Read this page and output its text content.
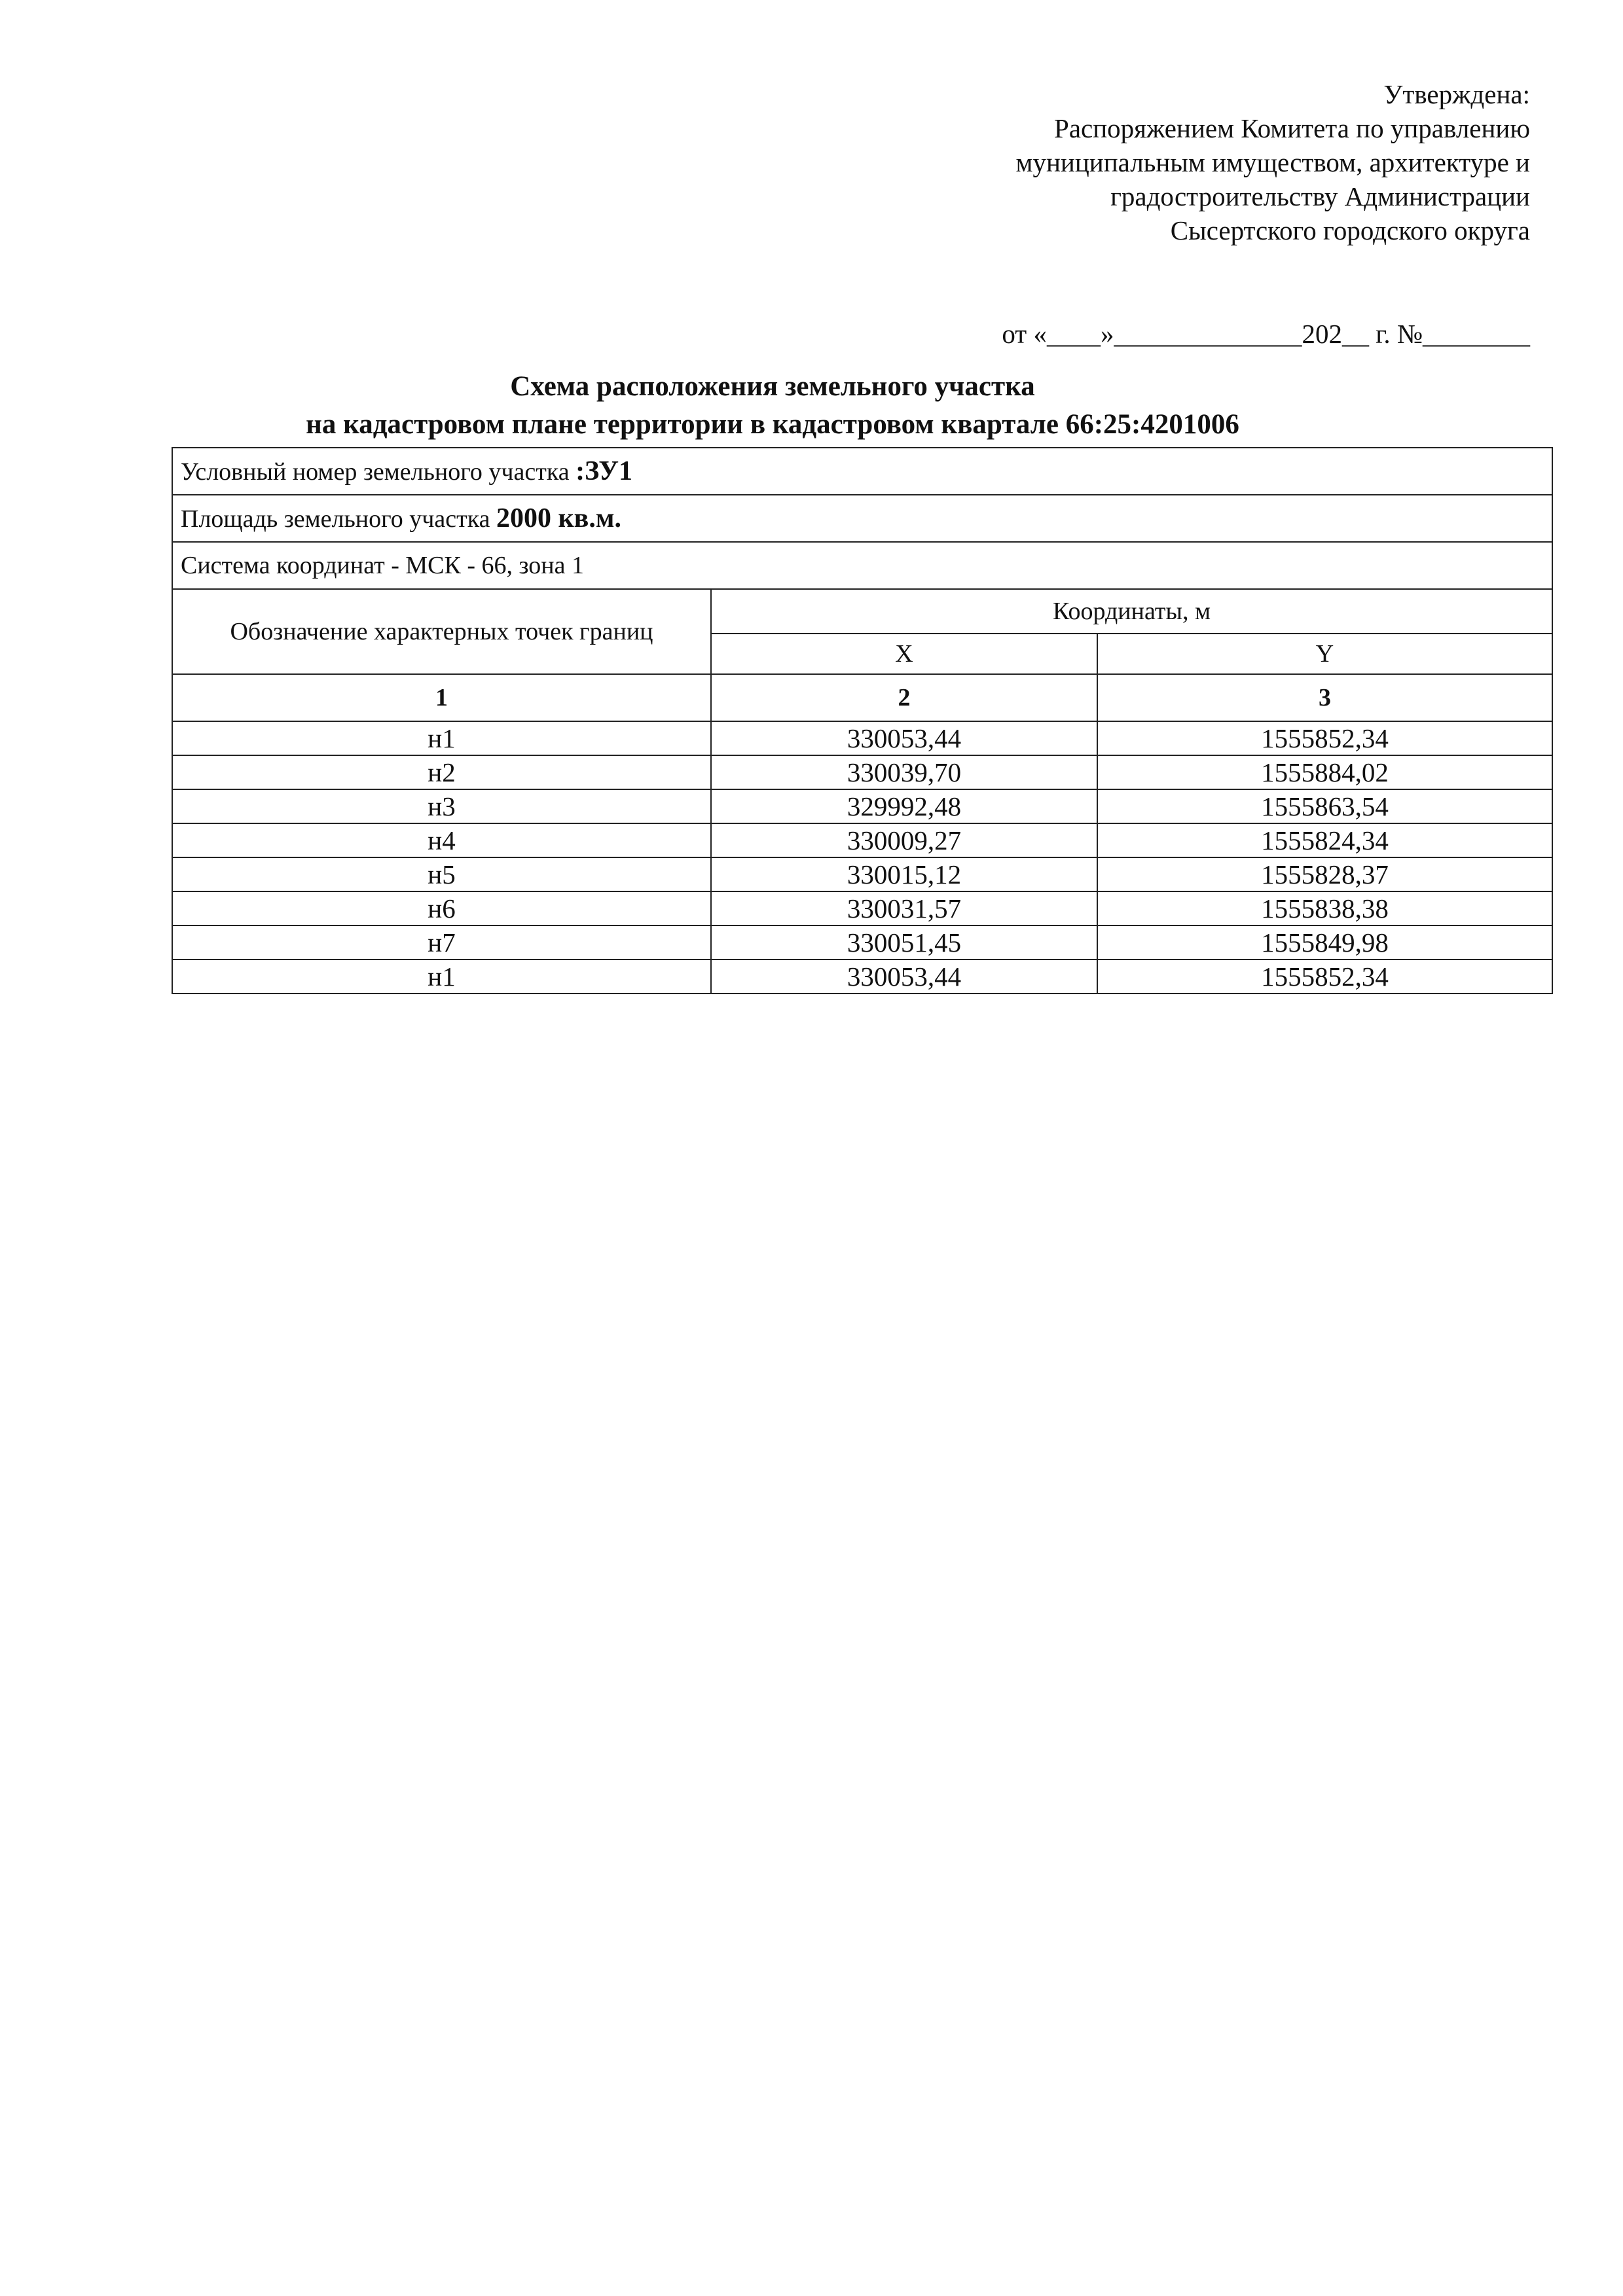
Утверждена:
Распоряжением Комитета по управлению
муниципальным имуществом, архитектуре и
градостроительству Администрации
Сысертского городского округа
от «____»______________202__ г. №________
Схема расположения земельного участка
на кадастровом плане территории в кадастровом квартале 66:25:4201006
Условный номер земельного участка :ЗУ1		
Площадь земельного участка 2000 кв.м.		
Система координат - МСК - 66, зона 1		
Обозначение характерных точек границ	Координаты, м	
	X	Y
1	2	3
н1	330053,44	1555852,34
н2	330039,70	1555884,02
н3	329992,48	1555863,54
н4	330009,27	1555824,34
н5	330015,12	1555828,37
н6	330031,57	1555838,38
н7	330051,45	1555849,98
н1	330053,44	1555852,34
